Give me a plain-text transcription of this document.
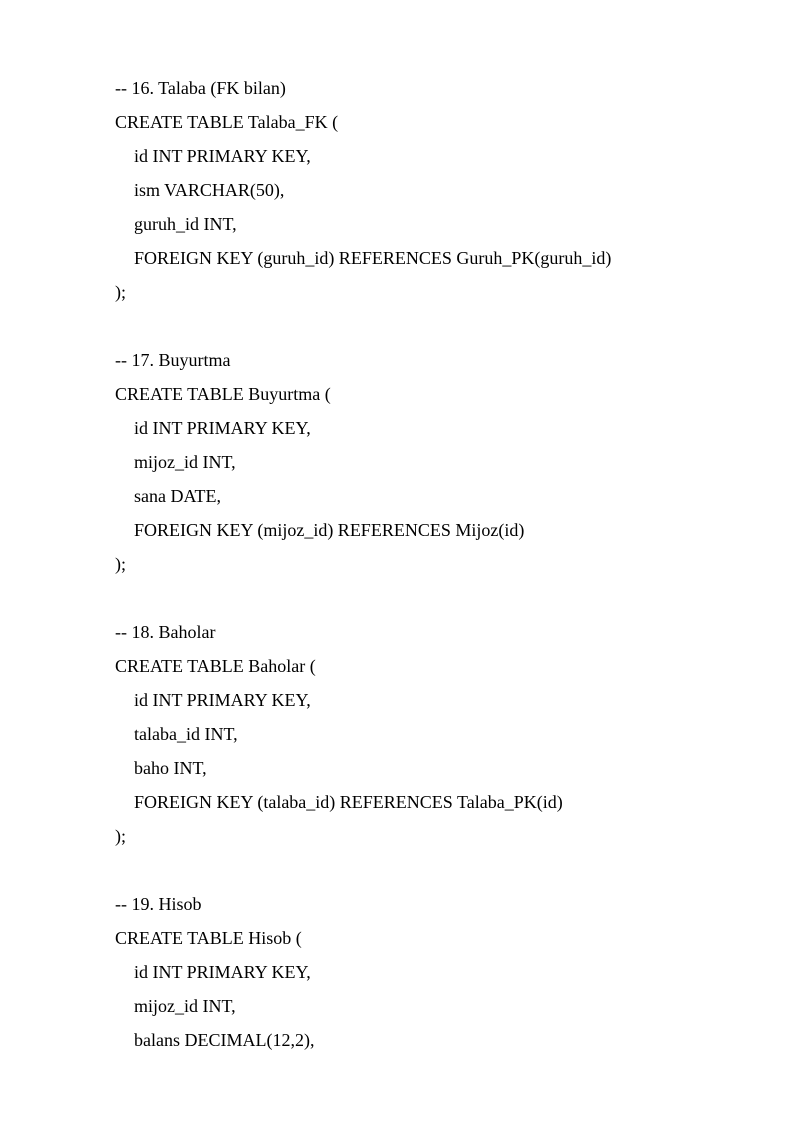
-- 16. Talaba (FK bilan)
CREATE TABLE Talaba_FK (
id INT PRIMARY KEY,
ism VARCHAR(50),
guruh_id INT,
FOREIGN KEY (guruh_id) REFERENCES Guruh_PK(guruh_id)
);
-- 17. Buyurtma
CREATE TABLE Buyurtma (
id INT PRIMARY KEY,
mijoz_id INT,
sana DATE,
FOREIGN KEY (mijoz_id) REFERENCES Mijoz(id)
);
-- 18. Baholar
CREATE TABLE Baholar (
id INT PRIMARY KEY,
talaba_id INT,
baho INT,
FOREIGN KEY (talaba_id) REFERENCES Talaba_PK(id)
);
-- 19. Hisob
CREATE TABLE Hisob (
id INT PRIMARY KEY,
mijoz_id INT,
balans DECIMAL(12,2),
